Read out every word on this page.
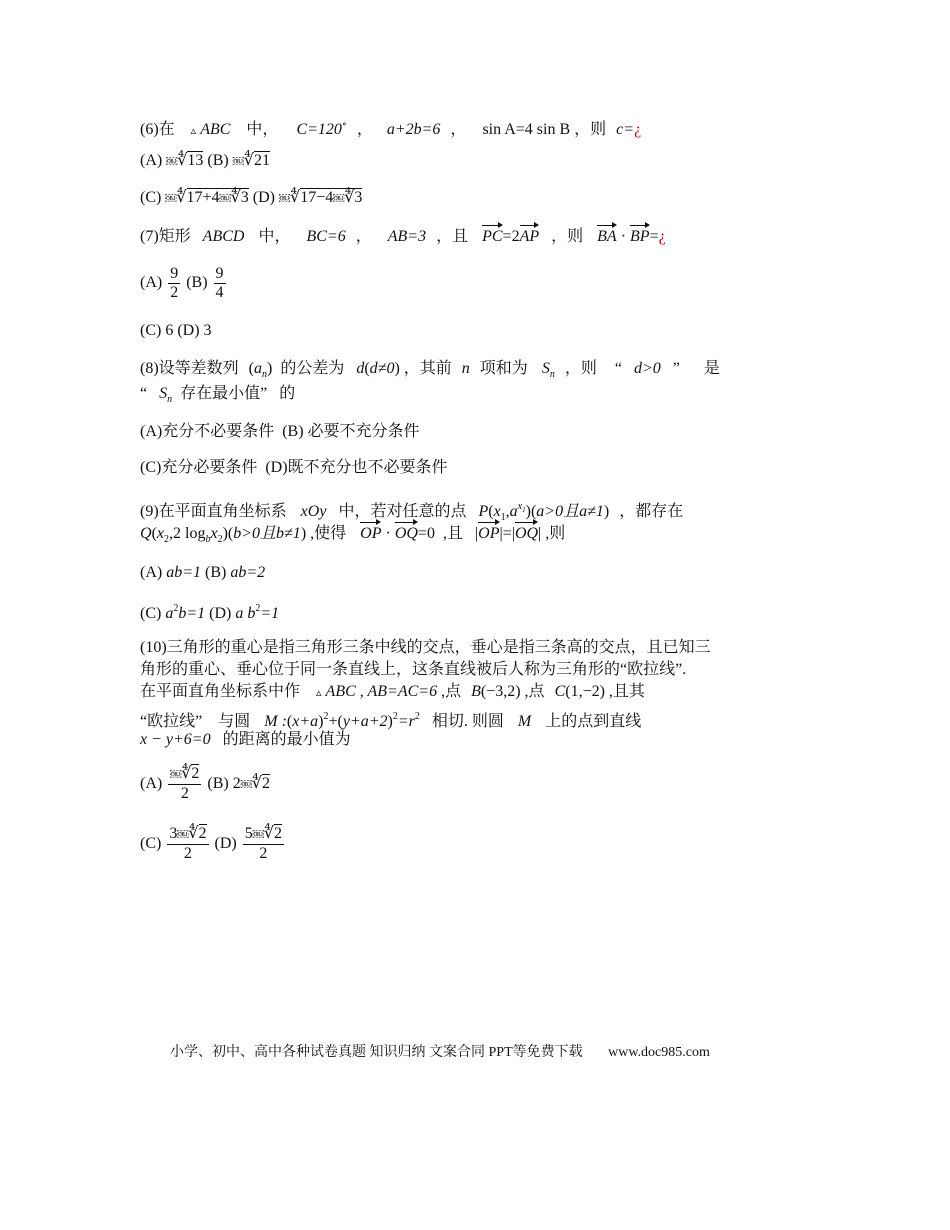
(6)在 ▵ ABC 中， C=120∘ ， a+2b=6 ， sin A=4 sin B ，则 c=¿
(A) ￼∜13 (B) ￼∜21
(C) ￼∜17+4￼∜3 (D) ￼∜17−4￼∜3
(7)矩形 ABCD 中， BC=6 ， AB=3 ，且 PC=2AP ，则 BA · BP=¿
$(A) \frac{9}{2} (B) \frac{9}{4}$
(C) 6 (D) 3
(8)设等差数列 $(a_n)$ 的公差为 d(d≠0) ，其前 n 项和为 $S_n$ ，则 “ d>0 ” 是
“ $S_n$ 存在最小值” 的
(A)充分不必要条件 (B) 必要不充分条件
(C)充分必要条件 (D)既不充分也不必要条件
(9)在平面直角坐标系 xOy 中，若对任意的点 $P(x_1,a^{x_1})(a>0$且a≠1) ，都存在
$Q(x_2,2$ $\log_bx_2)(b>0$且b≠1) ,使得 OP · OQ=0 ,且 |OP|=|OQ| ,则
(A) ab=1 (B) ab=2
(C) $a^2b=1$ (D) a $b^2=1$
(10)三角形的重心是指三角形三条中线的交点，垂心是指三条高的交点，且已知三
角形的重心、垂心位于同一条直线上，这条直线被后人称为三角形的“欧拉线”.
在平面直角坐标系中作 ▵ ABC , AB=AC=6 ,点 B(−3,2) ,点 C(1,−2) ,且其
“欧拉线” 与圆 M $:(x+a)^2+(y+a+2)^2=r^2$ 相切. 则圆 M 上的点到直线
x − y+6=0 的距离的最小值为
$(A) \frac{￼∜2}{2} (B)$ 2￼∜2
$(C) \frac{3￼∜2}{2} (D) \frac{5￼∜2}{2}$
小学、初中、高中各种试卷真题 知识归纳 文案合同 PPT等免费下载 www.doc985.com
